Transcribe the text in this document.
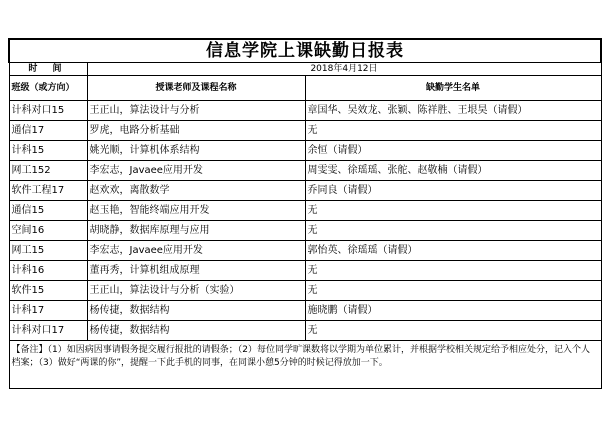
信息学院上课缺勤日报表		
时 间	2018年4月12日	
班级（或方向）	授课老师及课程名称	缺勤学生名单
计科对口15	王正山，算法设计与分析	章国华、吴效龙、张颖、陈祥胜、王垠昊（请假）
通信17	罗虎，电路分析基础	无
计科15	姚光顺，计算机体系结构	余恒（请假）
网工152	李宏志，Javaee应用开发	周雯雯、徐瑶瑶、张舵、赵敬楠（请假）
软件工程17	赵欢欢，离散数学	乔同良（请假）
通信15	赵玉艳，智能终端应用开发	无
空间16	胡晓静，数据库原理与应用	无
网工15	李宏志，Javaee应用开发	郭怡英、徐瑶瑶（请假）
计科16	董再秀，计算机组成原理	无
软件15	王正山，算法设计与分析（实验）	无
计科17	杨传捷，数据结构	施晓鹏（请假）
计科对口17	杨传捷，数据结构	无
【备注】（1）如因病因事请假务提交履行报批的请假条；（2）每位同学旷课数将以学期为单位累计，并根据学校相关规定给予相应处分，记入个人档案；（3）做好“两课的你”，提醒一下此手机的同事，在同课小憩5分钟的时候记得放加一下。		
